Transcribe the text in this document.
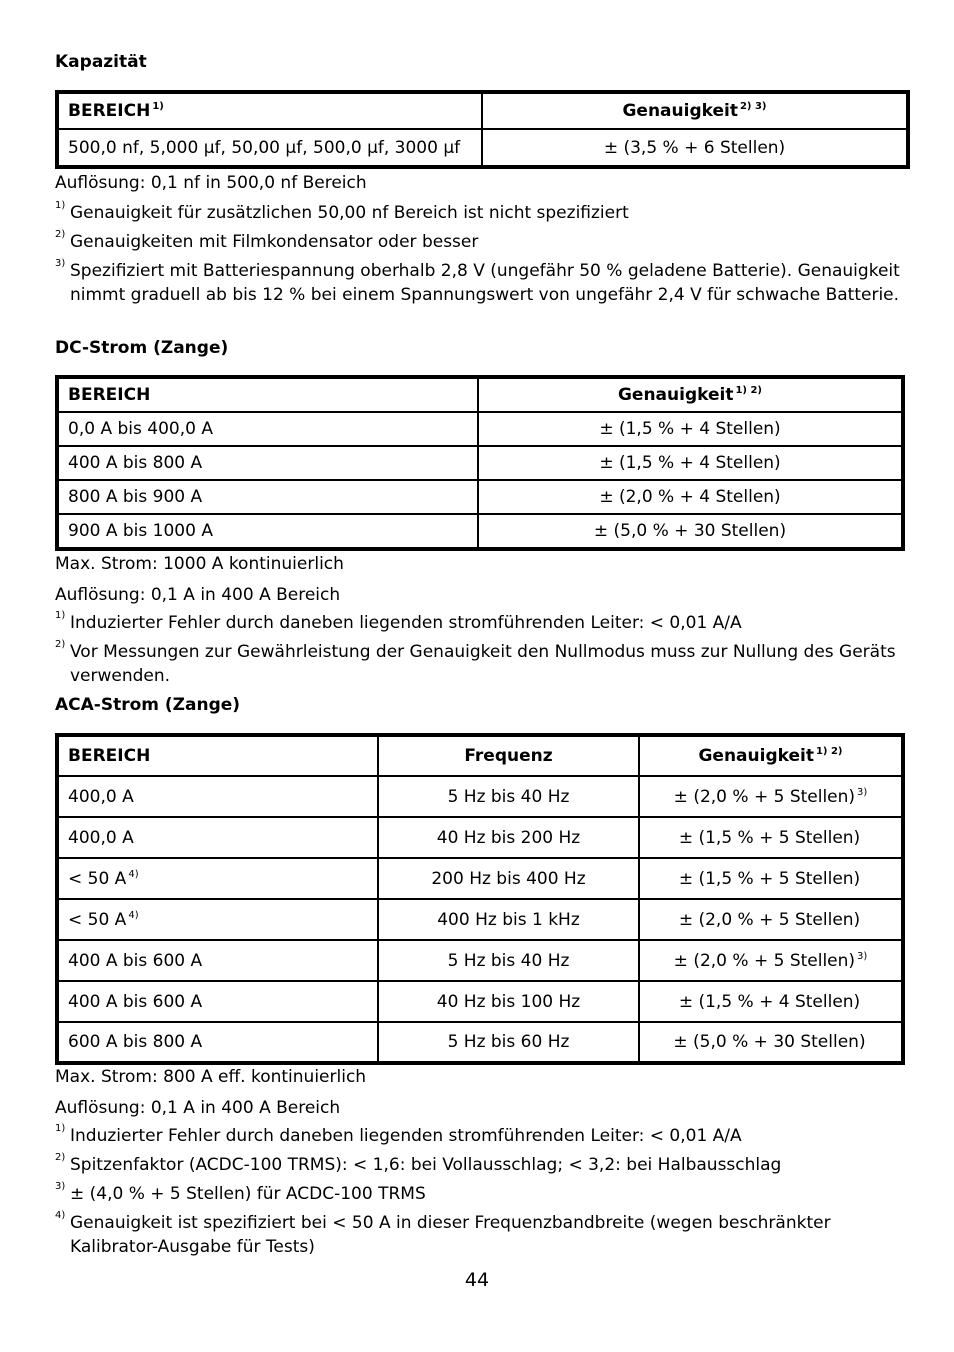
Kapazität
BEREICH $^{1)}$	Genauigkeit $^{2) 3)}$
500,0 nf, 5,000 µf, 50,00 µf, 500,0 µf, 3000 µf	± (3,5 % + 6 Stellen)

Auflösung: 0,1 nf in 500,0 nf Bereich

1) Genauigkeit für zusätzlichen 50,00 nf Bereich ist nicht spezifiziert

2) Genauigkeiten mit Filmkondensator oder besser

3) Spezifiziert mit Batteriespannung oberhalb 2,8 V (ungefähr 50 % geladene Batterie). Genauigkeit nimmt graduell ab bis 12 % bei einem Spannungswert von ungefähr 2,4 V für schwache Batterie.

DC-Strom (Zange)
BEREICH	Genauigkeit $^{1) 2)}$
0,0 A bis 400,0 A	± (1,5 % + 4 Stellen)
400 A bis 800 A	± (1,5 % + 4 Stellen)
800 A bis 900 A	± (2,0 % + 4 Stellen)
900 A bis 1000 A	± (5,0 % + 30 Stellen)

Max. Strom: 1000 A kontinuierlich

Auflösung: 0,1 A in 400 A Bereich

1) Induzierter Fehler durch daneben liegenden stromführenden Leiter: < 0,01 A/A

2) Vor Messungen zur Gewährleistung der Genauigkeit den Nullmodus muss zur Nullung des Geräts verwenden.

ACA-Strom (Zange)
BEREICH	Frequenz	Genauigkeit $^{1) 2)}$
400,0 A	5 Hz bis 40 Hz	± (2,0 % + 5 Stellen) $^{3)}$
400,0 A	40 Hz bis 200 Hz	± (1,5 % + 5 Stellen)
< 50 A $^{4)}$	200 Hz bis 400 Hz	± (1,5 % + 5 Stellen)
< 50 A $^{4)}$	400 Hz bis 1 kHz	± (2,0 % + 5 Stellen)
400 A bis 600 A	5 Hz bis 40 Hz	± (2,0 % + 5 Stellen) $^{3)}$
400 A bis 600 A	40 Hz bis 100 Hz	± (1,5 % + 4 Stellen)
600 A bis 800 A	5 Hz bis 60 Hz	± (5,0 % + 30 Stellen)

Max. Strom: 800 A eff. kontinuierlich

Auflösung: 0,1 A in 400 A Bereich

1) Induzierter Fehler durch daneben liegenden stromführenden Leiter: < 0,01 A/A

2) Spitzenfaktor (ACDC-100 TRMS): < 1,6: bei Vollausschlag; < 3,2: bei Halbausschlag

3) ± (4,0 % + 5 Stellen) für ACDC-100 TRMS

4) Genauigkeit ist spezifiziert bei < 50 A in dieser Frequenzbandbreite (wegen beschränkter Kalibrator-Ausgabe für Tests)

44
